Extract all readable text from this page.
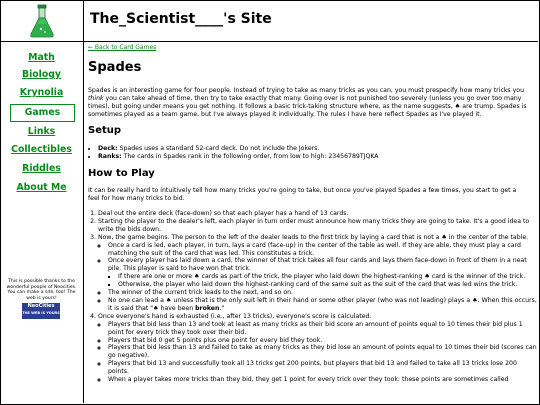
The_Scientist____'s Site
Math
Biology
Krynolia
Games
Links
Collectibles
Riddles
About Me
This is possible thanks to the wonderful people of Neocities. You can make a site, too! The web is yours!
NeoCities
THE WEB IS YOURS
← Back to Card Games
Spades

Spades is an interesting game for four people. Instead of trying to take as many tricks as you can, you must prespecify how many tricks you think you can take ahead of time, then try to take exactly that many. Going over is not punished too severely (unless you go over too many times), but going under means you get nothing. It follows a basic trick-taking structure where, as the name suggests, ♠ are trump. Spades is sometimes played as a team game, but I've always played it individually. The rules I have here reflect Spades as I've played it.

Setup
• Deck: Spades uses a standard 52-card deck. Do not include the Jokers.
• Ranks: The cards in Spades rank in the following order, from low to high: 23456789TJQKA
How to Play

It can be really hard to intuitively tell how many tricks you're going to take, but once you've played Spades a few times, you start to get a feel for how many tricks to bid.

1. Deal out the entire deck (face-down) so that each player has a hand of 13 cards.
2. Starting the player to the dealer's left, each player in turn order must announce how many tricks they are going to take. It's a good idea to write the bids down.
3. Now, the game begins. The person to the left of the dealer leads to the first trick by laying a card that is not a ♠ in the center of the table.
◦ Once a card is led, each player, in turn, lays a card (face-up) in the center of the table as well. If they are able, they must play a card matching the suit of the card that was led. This constitutes a trick.
◦ Once every player has laid down a card, the winner of that trick takes all four cards and lays them face-down in front of them in a neat pile. This player is said to have won that trick.
▪ If there are one or more ♠ cards as part of the trick, the player who laid down the highest-ranking ♠ card is the winner of the trick.
▪ Otherwise, the player who laid down the highest-ranking card of the same suit as the suit of the card that was led wins the trick.
◦ The winner of the current trick leads to the next, and so on.
◦ No one can lead a ♠ unless that is the only suit left in their hand or some other player (who was not leading) plays a ♠. When this occurs, it is said that "♠ have been broken."
4. Once everyone's hand is exhausted (i.e., after 13 tricks), everyone's score is calculated.
◦ Players that bid less than 13 and took at least as many tricks as their bid score an amount of points equal to 10 times their bid plus 1 point for every trick they took over their bid.
◦ Players that bid 0 get 5 points plus one point for every bid they took.
◦ Players that bid less than 13 and failed to take as many tricks as they bid lose an amount of points equal to 10 times their bid (scores can go negative).
◦ Players that bid 13 and successfully took all 13 tricks get 200 points, but players that bid 13 and failed to take all 13 tricks lose 200 points.
◦ When a player takes more tricks than they bid, they get 1 point for every trick over they took: these points are sometimes called
